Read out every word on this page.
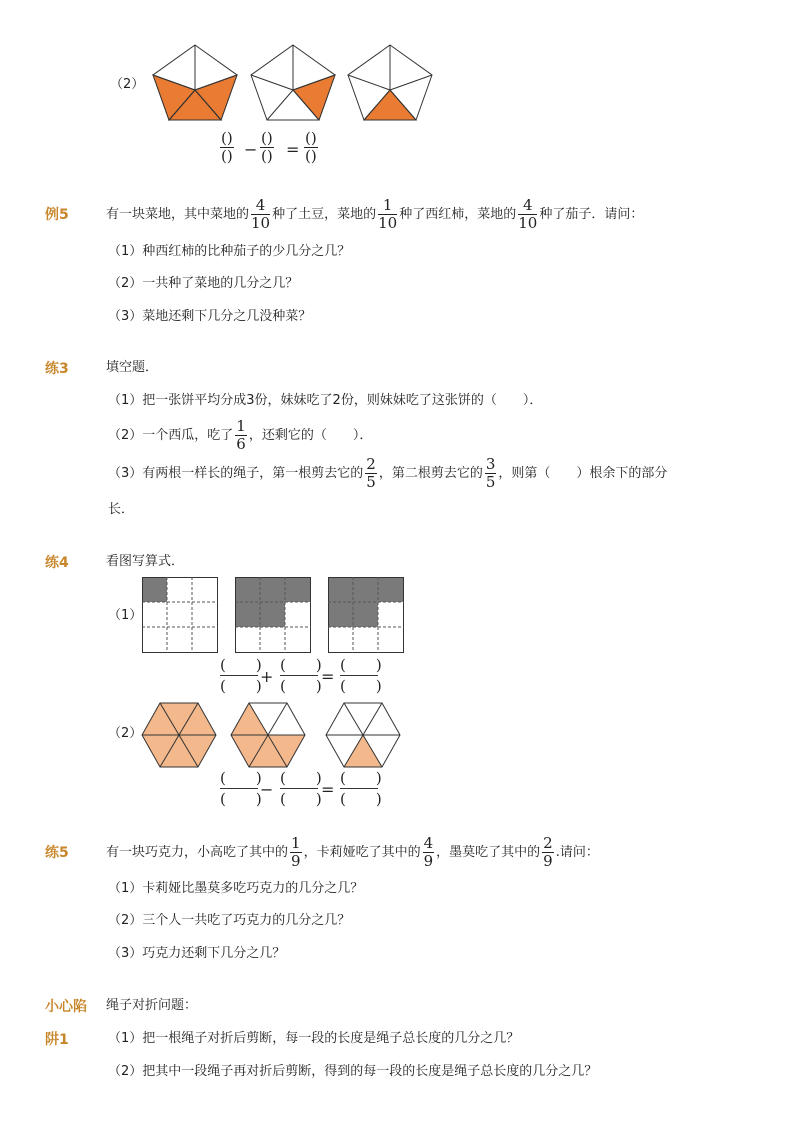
（2）
()
() −
()
() =
()
()
例5	有一块菜地，其中菜地的 $\frac{4}{10}$ 种了土豆，菜地的 $\frac{1}{10}$ 种了西红柿，菜地的 $\frac{4}{10}$ 种了茄子．请问：
（1）种西红柿的比种茄子的少几分之几？
（2）一共种了菜地的几分之几？
（3）菜地还剩下几分之几没种菜？
练3	填空题．
（1）把一张饼平均分成3份，妹妹吃了2份，则妹妹吃了这张饼的（　　）．
（2）一个西瓜，吃了 $\frac{1}{6}$ ，还剩它的（　　）．
（3）有两根一样长的绳子，第一根剪去它的 $\frac{2}{5}$ ，第二根剪去它的 $\frac{3}{5}$ ，则第（　　）根余下的部分
长．
练4	看图写算式．
（1）
(　　)
(　　)
+
(　　)
(　　) =
(　　)
(　　)
（2）
(　　)
(　　)
−
(　　)
(　　) =
(　　)
(　　)
练5	有一块巧克力，小高吃了其中的 $\frac{1}{9}$ ，卡莉娅吃了其中的 $\frac{4}{9}$ ，墨莫吃了其中的 $\frac{2}{9}$ .请问：
（1）卡莉娅比墨莫多吃巧克力的几分之几？
（2）三个人一共吃了巧克力的几分之几？
（3）巧克力还剩下几分之几？
小心陷 绳子对折问题：
阱1	（1）把一根绳子对折后剪断，每一段的长度是绳子总长度的几分之几？
（2）把其中一段绳子再对折后剪断，得到的每一段的长度是绳子总长度的几分之几？
